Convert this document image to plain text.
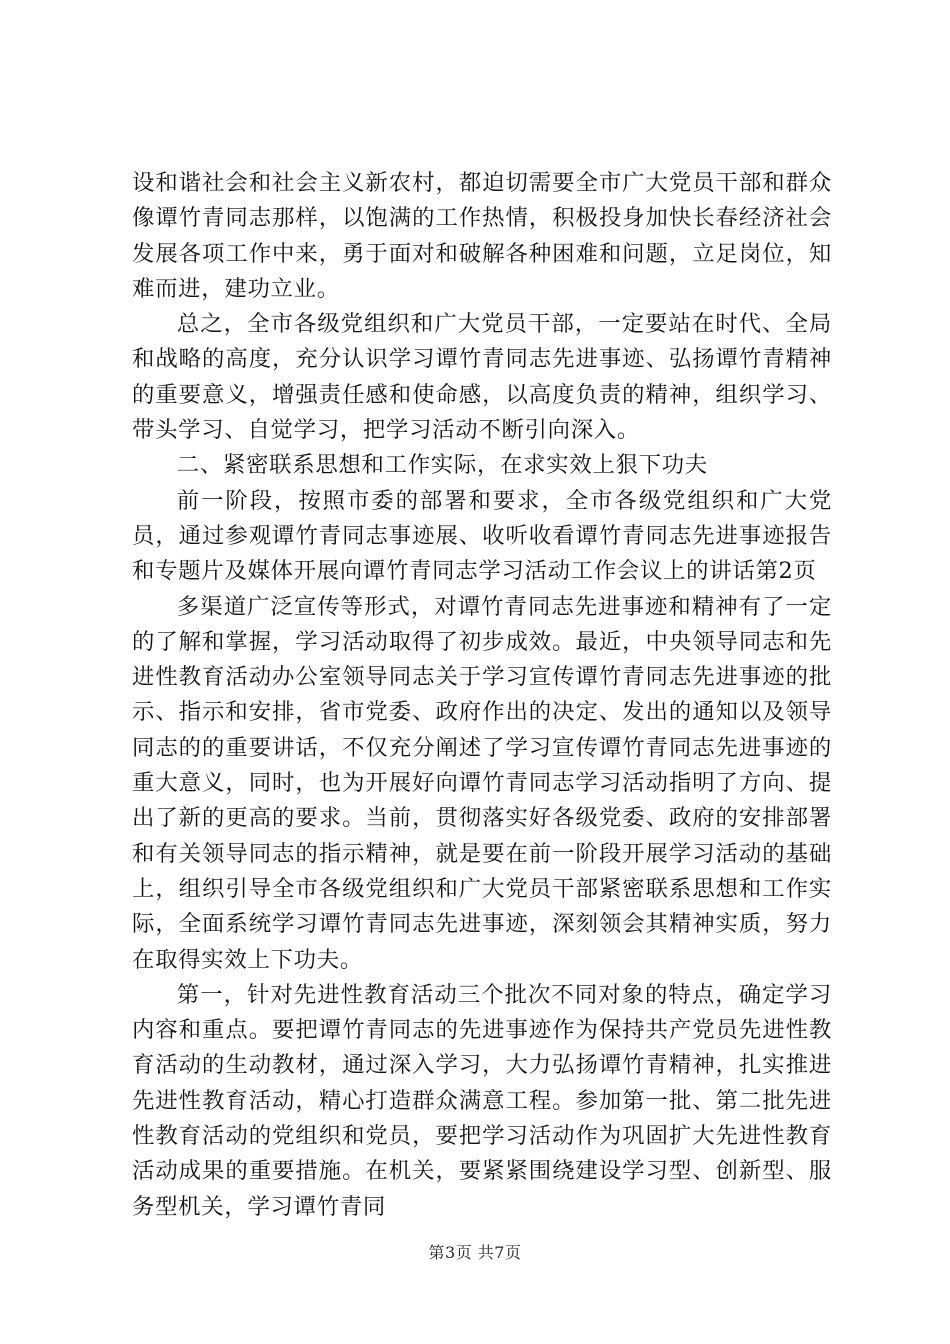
设和谐社会和社会主义新农村，都迫切需要全市广大党员干部和群众像谭竹青同志那样，以饱满的工作热情，积极投身加快长春经济社会发展各项工作中来，勇于面对和破解各种困难和问题，立足岗位，知难而进，建功立业。

总之，全市各级党组织和广大党员干部，一定要站在时代、全局和战略的高度，充分认识学习谭竹青同志先进事迹、弘扬谭竹青精神的重要意义，增强责任感和使命感，以高度负责的精神，组织学习、带头学习、自觉学习，把学习活动不断引向深入。

二、紧密联系思想和工作实际，在求实效上狠下功夫

前一阶段，按照市委的部署和要求，全市各级党组织和广大党员，通过参观谭竹青同志事迹展、收听收看谭竹青同志先进事迹报告和专题片及媒体开展向谭竹青同志学习活动工作会议上的讲话第2页

多渠道广泛宣传等形式，对谭竹青同志先进事迹和精神有了一定的了解和掌握，学习活动取得了初步成效。最近，中央领导同志和先进性教育活动办公室领导同志关于学习宣传谭竹青同志先进事迹的批示、指示和安排，省市党委、政府作出的决定、发出的通知以及领导同志的的重要讲话，不仅充分阐述了学习宣传谭竹青同志先进事迹的重大意义，同时，也为开展好向谭竹青同志学习活动指明了方向、提出了新的更高的要求。当前，贯彻落实好各级党委、政府的安排部署和有关领导同志的指示精神，就是要在前一阶段开展学习活动的基础上，组织引导全市各级党组织和广大党员干部紧密联系思想和工作实际，全面系统学习谭竹青同志先进事迹，深刻领会其精神实质，努力在取得实效上下功夫。

第一，针对先进性教育活动三个批次不同对象的特点，确定学习内容和重点。要把谭竹青同志的先进事迹作为保持共产党员先进性教育活动的生动教材，通过深入学习，大力弘扬谭竹青精神，扎实推进先进性教育活动，精心打造群众满意工程。参加第一批、第二批先进性教育活动的党组织和党员，要把学习活动作为巩固扩大先进性教育活动成果的重要措施。在机关，要紧紧围绕建设学习型、创新型、服务型机关，学习谭竹青同

第3页 共7页
